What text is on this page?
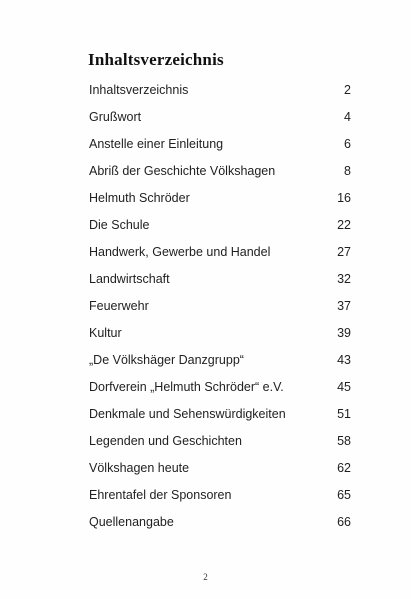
Inhaltsverzeichnis
Inhaltsverzeichnis	2
Grußwort	4
Anstelle einer Einleitung	6
Abriß der Geschichte Völkshagen	8
Helmuth Schröder	16
Die Schule	22
Handwerk, Gewerbe und Handel	27
Landwirtschaft	32
Feuerwehr	37
Kultur	39
„De Völkshäger Danzgrupp“	43
Dorfverein „Helmuth Schröder“ e.V.	45
Denkmale und Sehenswürdigkeiten	51
Legenden und Geschichten	58
Völkshagen heute	62
Ehrentafel der Sponsoren	65
Quellenangabe	66
2
